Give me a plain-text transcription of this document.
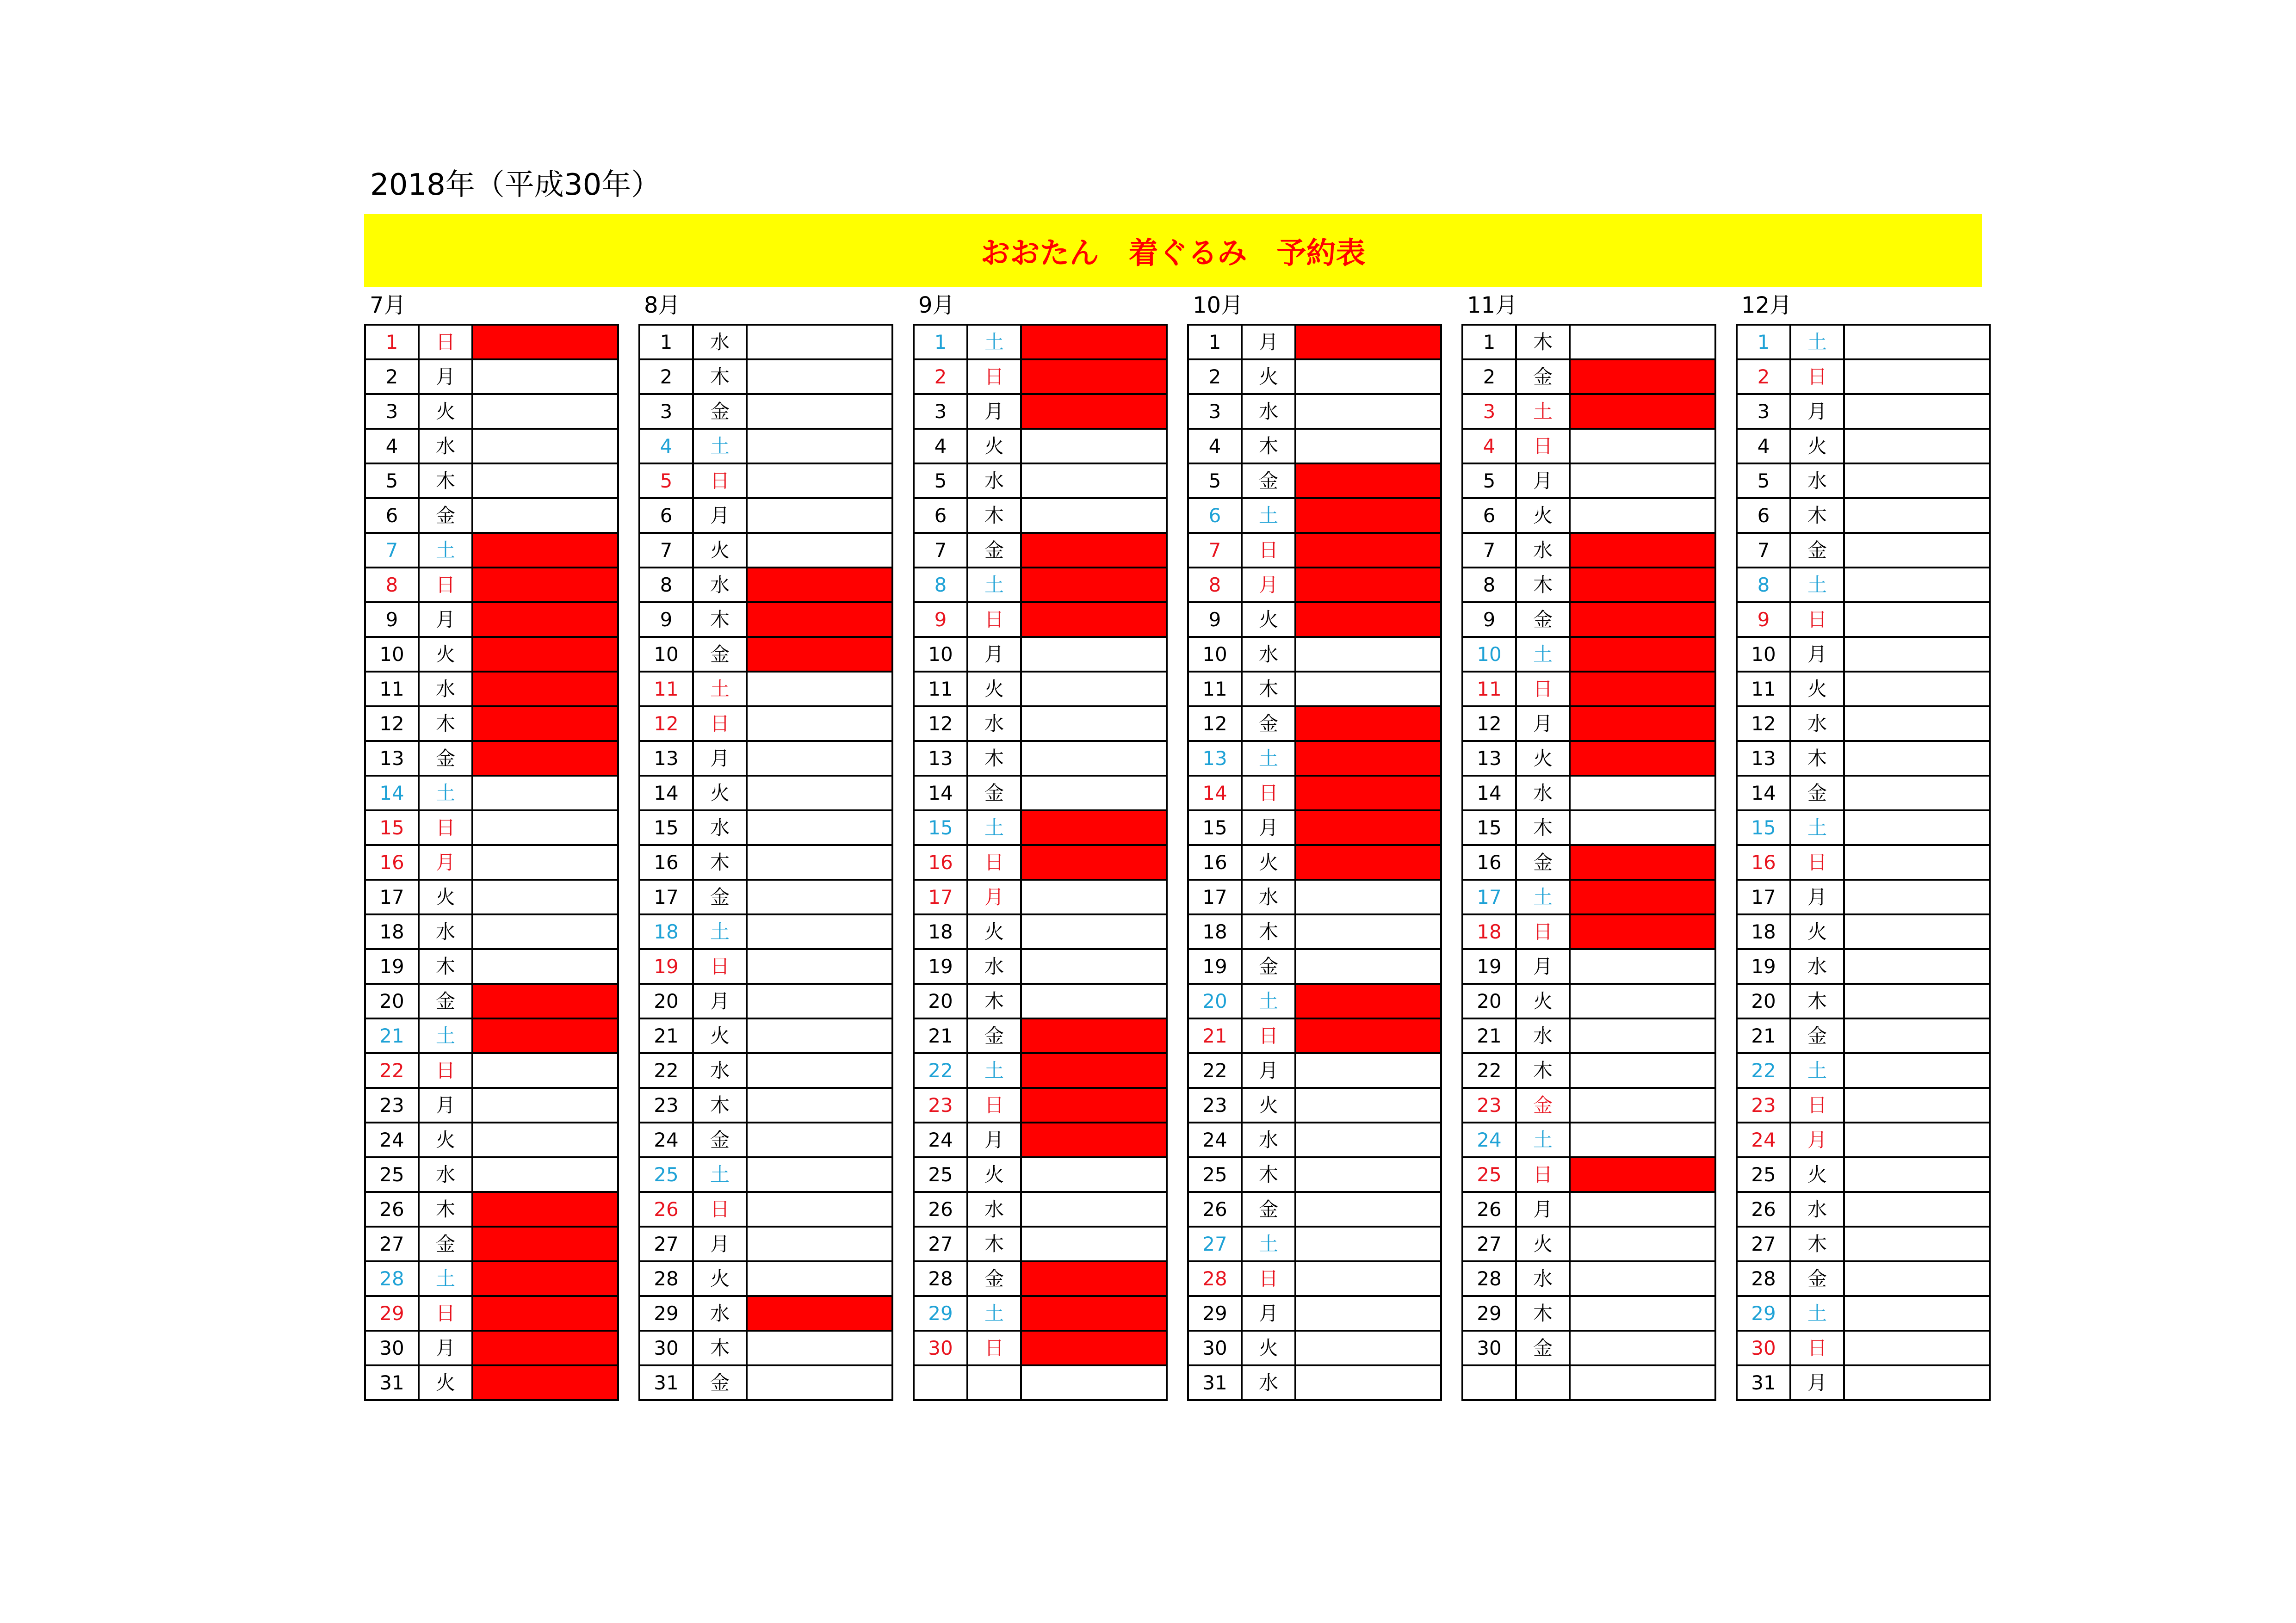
2018年（平成30年）
おおたん　着ぐるみ　予約表
7月
1	日	
2	月	
3	火	
4	水	
5	木	
6	金	
7	土	
8	日	
9	月	
10	火	
11	水	
12	木	
13	金	
14	土	
15	日	
16	月	
17	火	
18	水	
19	木	
20	金	
21	土	
22	日	
23	月	
24	火	
25	水	
26	木	
27	金	
28	土	
29	日	
30	月	
31	火	
8月
1	水	
2	木	
3	金	
4	土	
5	日	
6	月	
7	火	
8	水	
9	木	
10	金	
11	土	
12	日	
13	月	
14	火	
15	水	
16	木	
17	金	
18	土	
19	日	
20	月	
21	火	
22	水	
23	木	
24	金	
25	土	
26	日	
27	月	
28	火	
29	水	
30	木	
31	金	
9月
1	土	
2	日	
3	月	
4	火	
5	水	
6	木	
7	金	
8	土	
9	日	
10	月	
11	火	
12	水	
13	木	
14	金	
15	土	
16	日	
17	月	
18	火	
19	水	
20	木	
21	金	
22	土	
23	日	
24	月	
25	火	
26	水	
27	木	
28	金	
29	土	
30	日	

10月
1	月	
2	火	
3	水	
4	木	
5	金	
6	土	
7	日	
8	月	
9	火	
10	水	
11	木	
12	金	
13	土	
14	日	
15	月	
16	火	
17	水	
18	木	
19	金	
20	土	
21	日	
22	月	
23	火	
24	水	
25	木	
26	金	
27	土	
28	日	
29	月	
30	火	
31	水	
11月
1	木	
2	金	
3	土	
4	日	
5	月	
6	火	
7	水	
8	木	
9	金	
10	土	
11	日	
12	月	
13	火	
14	水	
15	木	
16	金	
17	土	
18	日	
19	月	
20	火	
21	水	
22	木	
23	金	
24	土	
25	日	
26	月	
27	火	
28	水	
29	木	
30	金	

12月
1	土	
2	日	
3	月	
4	火	
5	水	
6	木	
7	金	
8	土	
9	日	
10	月	
11	火	
12	水	
13	木	
14	金	
15	土	
16	日	
17	月	
18	火	
19	水	
20	木	
21	金	
22	土	
23	日	
24	月	
25	火	
26	水	
27	木	
28	金	
29	土	
30	日	
31	月	
